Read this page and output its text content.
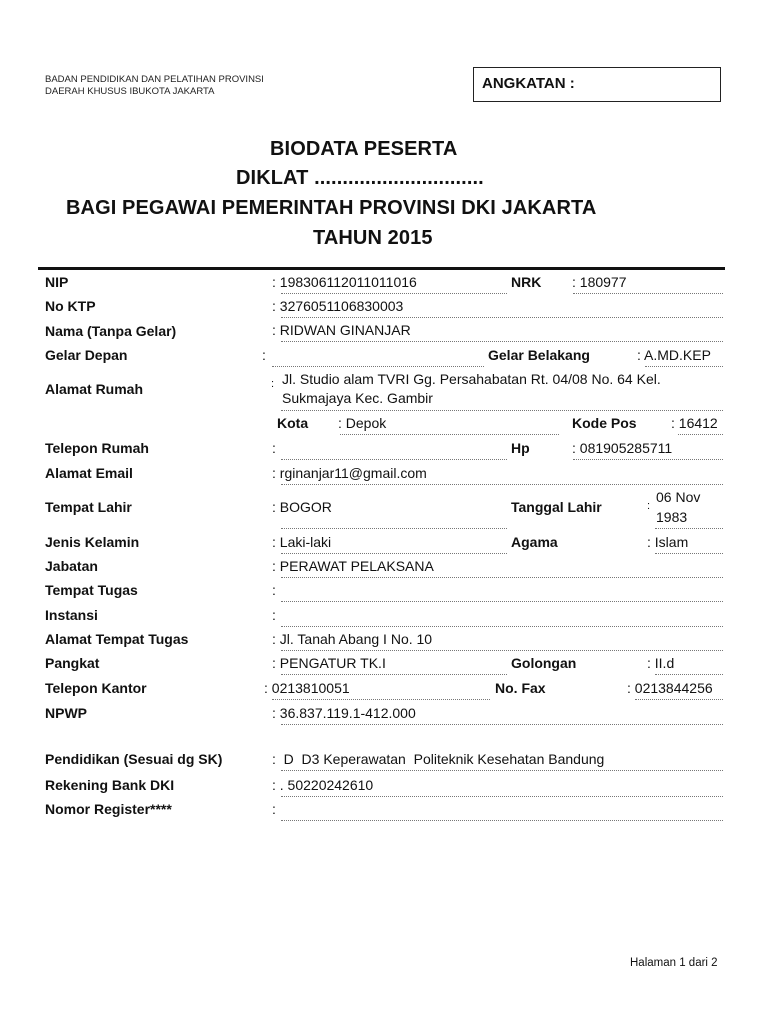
BADAN PENDIDIKAN DAN PELATIHAN PROVINSI
DAERAH KHUSUS IBUKOTA JAKARTA	ANGKATAN :
BIODATA PESERTA
DIKLAT ..............................
BAGI PEGAWAI PEMERINTAH PROVINSI DKI JAKARTA
TAHUN 2015
NIP	: 198306112011011016	NRK : 180977
No KTP	: 3276051106830003
Nama (Tanpa Gelar)	: RIDWAN GINANJAR
Gelar Depan	:	Gelar Belakang	: A.MD.KEP
Alamat Rumah	: Jl. Studio alam TVRI Gg. Persahabatan Rt. 04/08 No. 64 Kel.
Sukmajaya Kec. Gambir
Kota : Depok	Kode Pos : 16412
Telepon Rumah	:	Hp	: 081905285711
Alamat Email	: rginanjar11@gmail.com
Tempat Lahir	: BOGOR	Tanggal Lahir	:
06 Nov
1983
Jenis Kelamin	: Laki-laki	Agama	: Islam
Jabatan	: PERAWAT PELAKSANA
Tempat Tugas	:
Instansi	:
Alamat Tempat Tugas	: Jl. Tanah Abang I No. 10
Pangkat	: PENGATUR TK.I	Golongan	: II.d
Telepon Kantor	: 0213810051	No. Fax	: 0213844256
NPWP	: 36.837.119.1-412.000
Pendidikan (Sesuai dg SK)	:  D  D3 Keperawatan  Politeknik Kesehatan Bandung
Rekening Bank DKI	: . 50220242610
Nomor Register****	:
Halaman 1 dari 2
